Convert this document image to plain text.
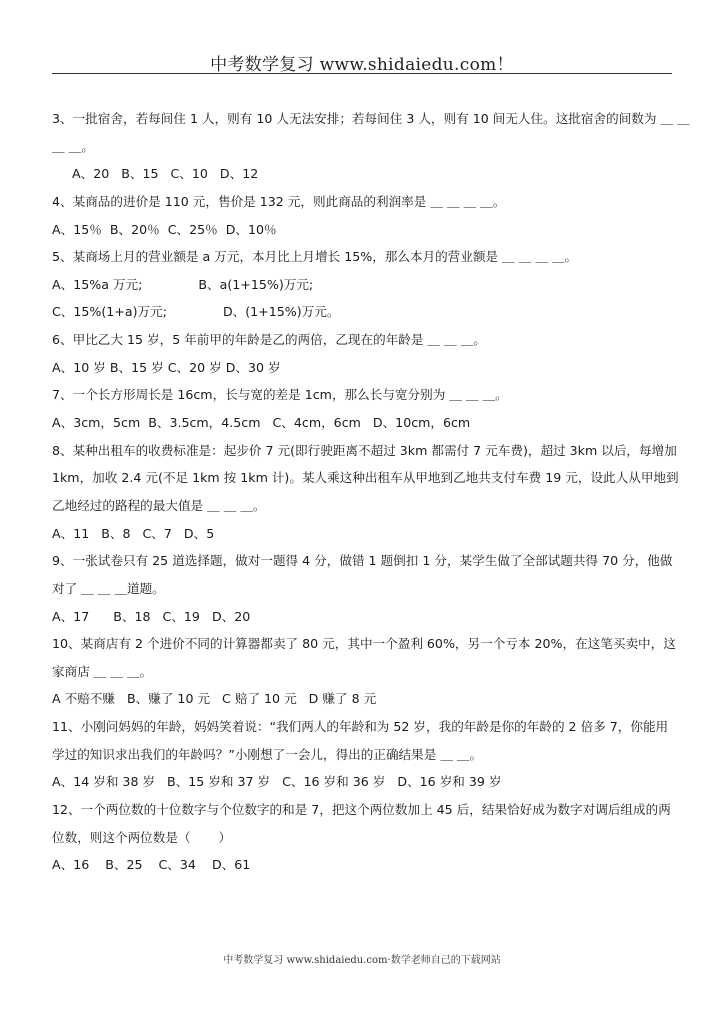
中考数学复习 www.shidaiedu.com！
3、一批宿舍，若每间住 1 人，则有 10 人无法安排；若每间住 3 人，则有 10 间无人住。这批宿舍的间数为 ＿ ＿
＿ ＿。
A、20   B、15   C、10   D、12
4、某商品的进价是 110 元，售价是 132 元，则此商品的利润率是 ＿ ＿ ＿ ＿。
A、15％  B、20％  C、25％  D、10％
5、某商场上月的营业额是 a 万元，本月比上月增长 15%，那么本月的营业额是 ＿ ＿ ＿ ＿。
A、15%a 万元;              B、a(1+15%)万元;
C、15%(1+a)万元;              D、(1+15%)万元。
6、甲比乙大 15 岁，5 年前甲的年龄是乙的两倍，乙现在的年龄是 ＿ ＿ ＿。
A、10 岁 B、15 岁 C、20 岁 D、30 岁
7、一个长方形周长是 16cm，长与宽的差是 1cm，那么长与宽分别为 ＿ ＿ ＿。
A、3cm，5cm  B、3.5cm，4.5cm   C、4cm，6cm   D、10cm，6cm
8、某种出租车的收费标准是：起步价 7 元(即行驶距离不超过 3km 都需付 7 元车费)，超过 3km 以后，每增加
1km，加收 2.4 元(不足 1km 按 1km 计)。某人乘这种出租车从甲地到乙地共支付车费 19 元，设此人从甲地到
乙地经过的路程的最大值是 ＿ ＿ ＿。
A、11   B、8   C、7   D、5
9、一张试卷只有 25 道选择题，做对一题得 4 分，做错 1 题倒扣 1 分，某学生做了全部试题共得 70 分，他做
对了 ＿ ＿ ＿道题。
A、17      B、18   C、19   D、20
10、某商店有 2 个进价不同的计算器都卖了 80 元，其中一个盈利 60%，另一个亏本 20%，在这笔买卖中，这
家商店 ＿ ＿ ＿。
A 不赔不赚   B、赚了 10 元   C 赔了 10 元   D 赚了 8 元
11、小刚问妈妈的年龄，妈妈笑着说：“我们两人的年龄和为 52 岁，我的年龄是你的年龄的 2 倍多 7，你能用
学过的知识求出我们的年龄吗？”小刚想了一会儿，得出的正确结果是 ＿ ＿。
A、14 岁和 38 岁   B、15 岁和 37 岁   C、16 岁和 36 岁   D、16 岁和 39 岁
12、一个两位数的十位数字与个位数字的和是 7，把这个两位数加上 45 后，结果恰好成为数字对调后组成的两
位数，则这个两位数是（       ）
A、16    B、25    C、34    D、61
中考数学复习 www.shidaiedu.com·数学老师自己的下载网站
